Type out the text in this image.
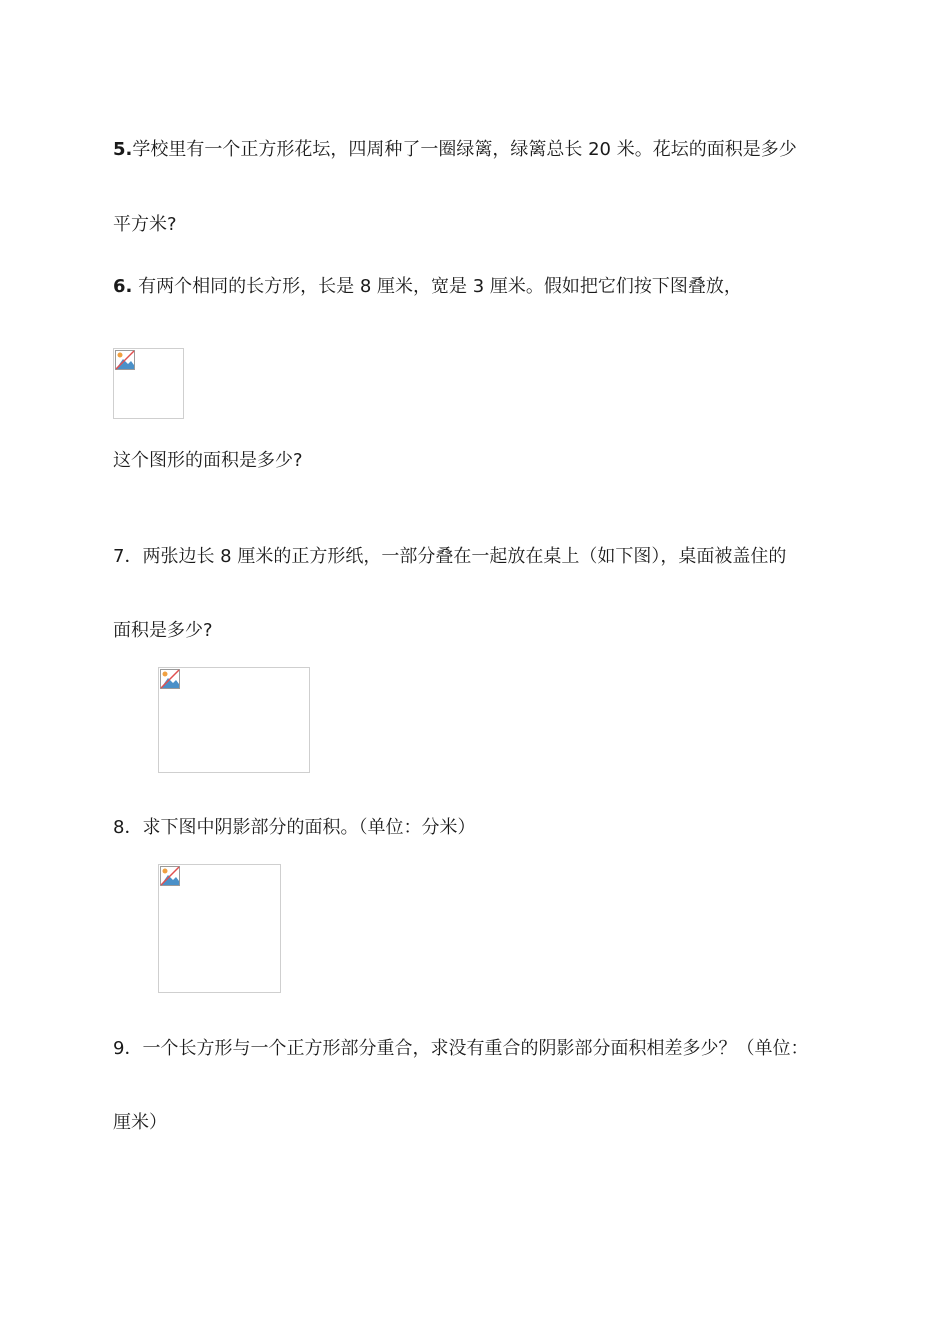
5.学校里有一个正方形花坛，四周种了一圈绿篱，绿篱总长 20 米。花坛的面积是多少
平方米?
6. 有两个相同的长方形，长是 8 厘米，宽是 3 厘米。假如把它们按下图叠放，
这个图形的面积是多少?
7．两张边长 8 厘米的正方形纸，一部分叠在一起放在桌上（如下图），桌面被盖住的
面积是多少?
8．求下图中阴影部分的面积。（单位：分米）
9．一个长方形与一个正方形部分重合，求没有重合的阴影部分面积相差多少？（单位：
厘米）
